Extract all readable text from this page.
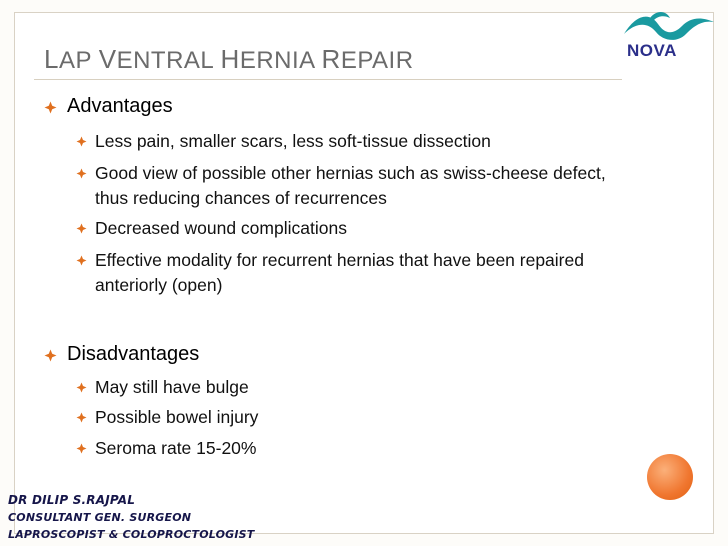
LAP VENTRAL HERNIA REPAIR	NOVA
Advantages
Less pain, smaller scars, less soft-tissue dissection
Good view of possible other hernias such as swiss-cheese defect, thus reducing chances of recurrences
Decreased wound complications
Effective modality for recurrent hernias that have been repaired anteriorly (open)
Disadvantages
May still have bulge
Possible bowel injury
Seroma rate 15-20%
DR DILIP S.RAJPAL
CONSULTANT GEN. SURGEON
LAPROSCOPIST & COLOPROCTOLOGIST
